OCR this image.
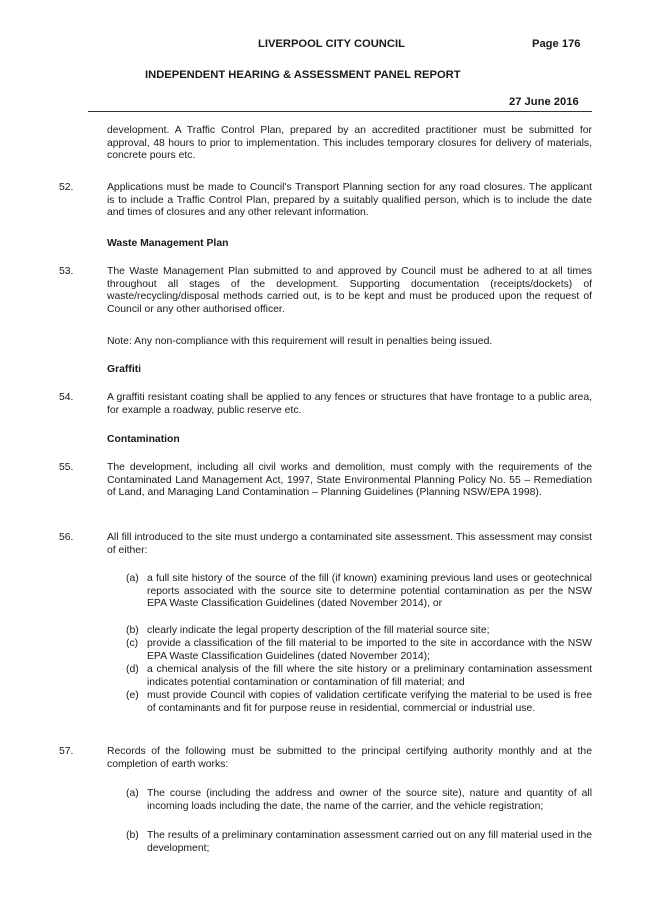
LIVERPOOL CITY COUNCIL	Page 176
INDEPENDENT HEARING & ASSESSMENT PANEL REPORT
27 June 2016
development. A Traffic Control Plan, prepared by an accredited practitioner must be submitted for approval, 48 hours to prior to implementation. This includes temporary closures for delivery of materials, concrete pours etc.
52.	Applications must be made to Council's Transport Planning section for any road closures. The applicant is to include a Traffic Control Plan, prepared by a suitably qualified person, which is to include the date and times of closures and any other relevant information.
Waste Management Plan
53.	The Waste Management Plan submitted to and approved by Council must be adhered to at all times throughout all stages of the development. Supporting documentation (receipts/dockets) of waste/recycling/disposal methods carried out, is to be kept and must be produced upon the request of Council or any other authorised officer.
Note: Any non-compliance with this requirement will result in penalties being issued.
Graffiti
54.	A graffiti resistant coating shall be applied to any fences or structures that have frontage to a public area, for example a roadway, public reserve etc.
Contamination
55.	The development, including all civil works and demolition, must comply with the requirements of the Contaminated Land Management Act, 1997, State Environmental Planning Policy No. 55 – Remediation of Land, and Managing Land Contamination – Planning Guidelines (Planning NSW/EPA 1998).
56.	All fill introduced to the site must undergo a contaminated site assessment. This assessment may consist of either:
(a) a full site history of the source of the fill (if known) examining previous land uses or geotechnical reports associated with the source site to determine potential contamination as per the NSW EPA Waste Classification Guidelines (dated November 2014), or
(b) clearly indicate the legal property description of the fill material source site;
(c) provide a classification of the fill material to be imported to the site in accordance with the NSW EPA Waste Classification Guidelines (dated November 2014);
(d) a chemical analysis of the fill where the site history or a preliminary contamination assessment indicates potential contamination or contamination of fill material; and
(e) must provide Council with copies of validation certificate verifying the material to be used is free of contaminants and fit for purpose reuse in residential, commercial or industrial use.
57.	Records of the following must be submitted to the principal certifying authority monthly and at the completion of earth works:
(a) The course (including the address and owner of the source site), nature and quantity of all incoming loads including the date, the name of the carrier, and the vehicle registration;
(b) The results of a preliminary contamination assessment carried out on any fill material used in the development;
